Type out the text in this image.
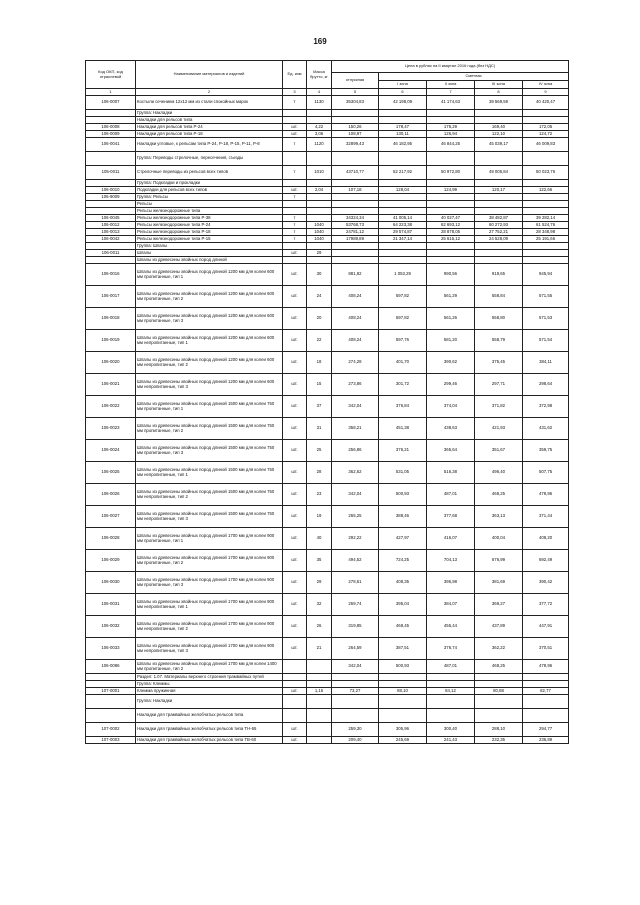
169
Код ОКП, код отраслевой	Наименование материалов и изделий	Ед. изм	Масса брутто, кг	Цена в рублях на II квартал 2016 года (без НДС)				
				отпускная	Сметная			
					I зона	II зона	III зона	IV зона
1	2	3	4	5	6	7	8	9
106-0007	Костыли сечением 12х12 мм из стали спокойных марок	т	1130	35304,83	42 198,09	41 174,63	39 569,59	40 420,47
	Группа: Накладки							
	Накладки для рельсов типа							
106-0008	Накладки для рельсов типа Р-24	шт.	4,22	150,26	178,47	175,29	169,40	172,05
106-0009	Накладки для рельсов типа Р-18	шт.	3,06	108,97	130,11	126,94	122,10	124,72
106-0041	Накладки угловые, к рельсам типа Р-24, Р-18, Р-15, Р-11, Р-8	т	1120	32899,43	46 182,95	46 844,25	45 039,17	46 009,83
	Группа: Переводы стрелочные, пересечения, съезды							
105-0011	Стрелочные переводы из рельсов всех типов	т	1010	43710,77	52 217,92	50 972,80	49 005,84	50 023,76
	Группа: Подкладки и прокладки							
106-0010	Подкладки для рельсов всех типов	шт.	2,04	107,18	128,04	124,99	120,17	122,66
106-9009	Группа: Рельсы	т						
	Рельсы							
	Рельсы железнодорожные типа							
106-0045	Рельсы железнодорожные типа Р-38	т		34324,34	41 005,14	40 027,47	38 482,87	39 282,14
106-0012	Рельсы железнодорожные типа Р-24	т	1040	53768,73	64 223,38	62 693,12	60 272,93	61 524,76
106-0013	Рельсы железнодорожные типа Р-18	т	1040	24781,12	29 574,87	28 878,05	27 752,21	28 348,98
106-0042	Рельсы железнодорожные типа Р-15	т	1040	17989,89	21 347,14	25 615,12	24 528,09	25 191,66
	Группа: Шпалы							
106-0011	Шпалы	шт.	29					
	Шпалы из древесины хвойных пород длиной							
106-0016	Шпалы из древесины хвойных пород длиной 1200 мм для колеи 600 мм пропитанные, тип 1	шт.	30	881,82	1 053,29	990,56	918,65	945,94
106-0017	Шпалы из древесины хвойных пород длиной 1200 мм для колеи 600 мм пропитанные, тип 2	шт.	24	408,24	597,82	561,29	558,84	571,55
106-0018	Шпалы из древесины хвойных пород длиной 1200 мм для колеи 600 мм пропитанные, тип 3	шт.	20	408,24	597,82	561,26	558,80	571,53
106-0019	Шпалы из древесины хвойных пород длиной 1200 мм для колеи 600 мм непропитанные, тип 1	шт.	22	408,24	597,76	581,20	558,79	571,54
106-0020	Шпалы из древесины хвойных пород длиной 1200 мм для колеи 600 мм непропитанные, тип 2	шт.	18	274,28	401,70	390,62	375,45	384,11
106-0021	Шпалы из древесины хвойных пород длиной 1200 мм для колеи 600 мм непропитанные, тип 3	шт.	15	273,86	301,72	299,46	297,71	298,64
106-0022	Шпалы из древесины хвойных пород длиной 1500 мм для колеи 750 мм пропитанные, тип 1	шт.	37	342,04	376,84	374,04	371,82	372,98
106-0023	Шпалы из древесины хвойных пород длиной 1500 мм для колеи 750 мм пропитанные, тип 2	шт.	31	358,21	451,38	438,63	421,93	431,62
106-0024	Шпалы из древесины хвойных пород длиной 1500 мм для колеи 750 мм пропитанные, тип 3	шт.	25	256,86	376,21	365,64	351,67	359,75
106-0025	Шпалы из древесины хвойных пород длиной 1500 мм для колеи 750 мм непропитанные, тип 1	шт.	28	362,62	531,05	516,38	496,40	507,75
106-0026	Шпалы из древесины хвойных пород длиной 1500 мм для колеи 750 мм непропитанные, тип 2	шт.	23	342,04	500,93	487,01	468,25	478,96
106-0027	Шпалы из древесины хвойных пород длиной 1500 мм для колеи 750 мм непропитанные, тип 3	шт.	19	265,25	388,46	377,68	363,13	371,44
106-0028	Шпалы из древесины хвойных пород длиной 1700 мм для колеи 900 мм пропитанные, тип 1	шт.	40	292,22	427,97	416,07	400,04	409,20
106-0029	Шпалы из древесины хвойных пород длиной 1700 мм для колеи 900 мм пропитанные, тип 2	шт.	35	494,52	724,25	704,13	676,99	692,49
106-0030	Шпалы из древесины хвойных пород длиной 1700 мм для колеи 900 мм пропитанные, тип 3	шт.	29	278,61	408,35	396,98	381,69	390,42
106-0031	Шпалы из древесины хвойных пород длиной 1700 мм для колеи 900 мм непропитанные, тип 1	шт.	32	269,74	395,04	384,07	369,27	377,72
106-0032	Шпалы из древесины хвойных пород длиной 1700 мм для колеи 900 мм непропитанные, тип 2	шт.	26	319,85	468,45	455,44	437,89	447,91
106-0033	Шпалы из древесины хвойных пород длиной 1700 мм для колеи 900 мм непропитанные, тип 3	шт.	21	264,59	387,51	376,74	362,22	370,51
106-0086	Шпалы из древесины хвойных пород длиной 1700 мм для колеи 1400 мм пропитанные, тип 2			342,04	500,93	487,01	468,25	478,96
	Раздел: 1.07. Материалы верхнего строения трамвайных путей							
	Группа: Клеммы							
107-0001	Клемма пружинная	шт.	1,15	73,27	88,10	84,12	80,88	82,77
	Группа: Накладки							
	Накладки для трамвайных желобчатых рельсов типа							
107-0002	Накладки для трамвайных желобчатых рельсов типа ТН-65	шт.		259,30	305,96	300,40	288,10	294,77
107-0003	Накладки для трамвайных желобчатых рельсов типа ТВ-60	шт.		209,40	245,69	241,43	232,35	236,89
